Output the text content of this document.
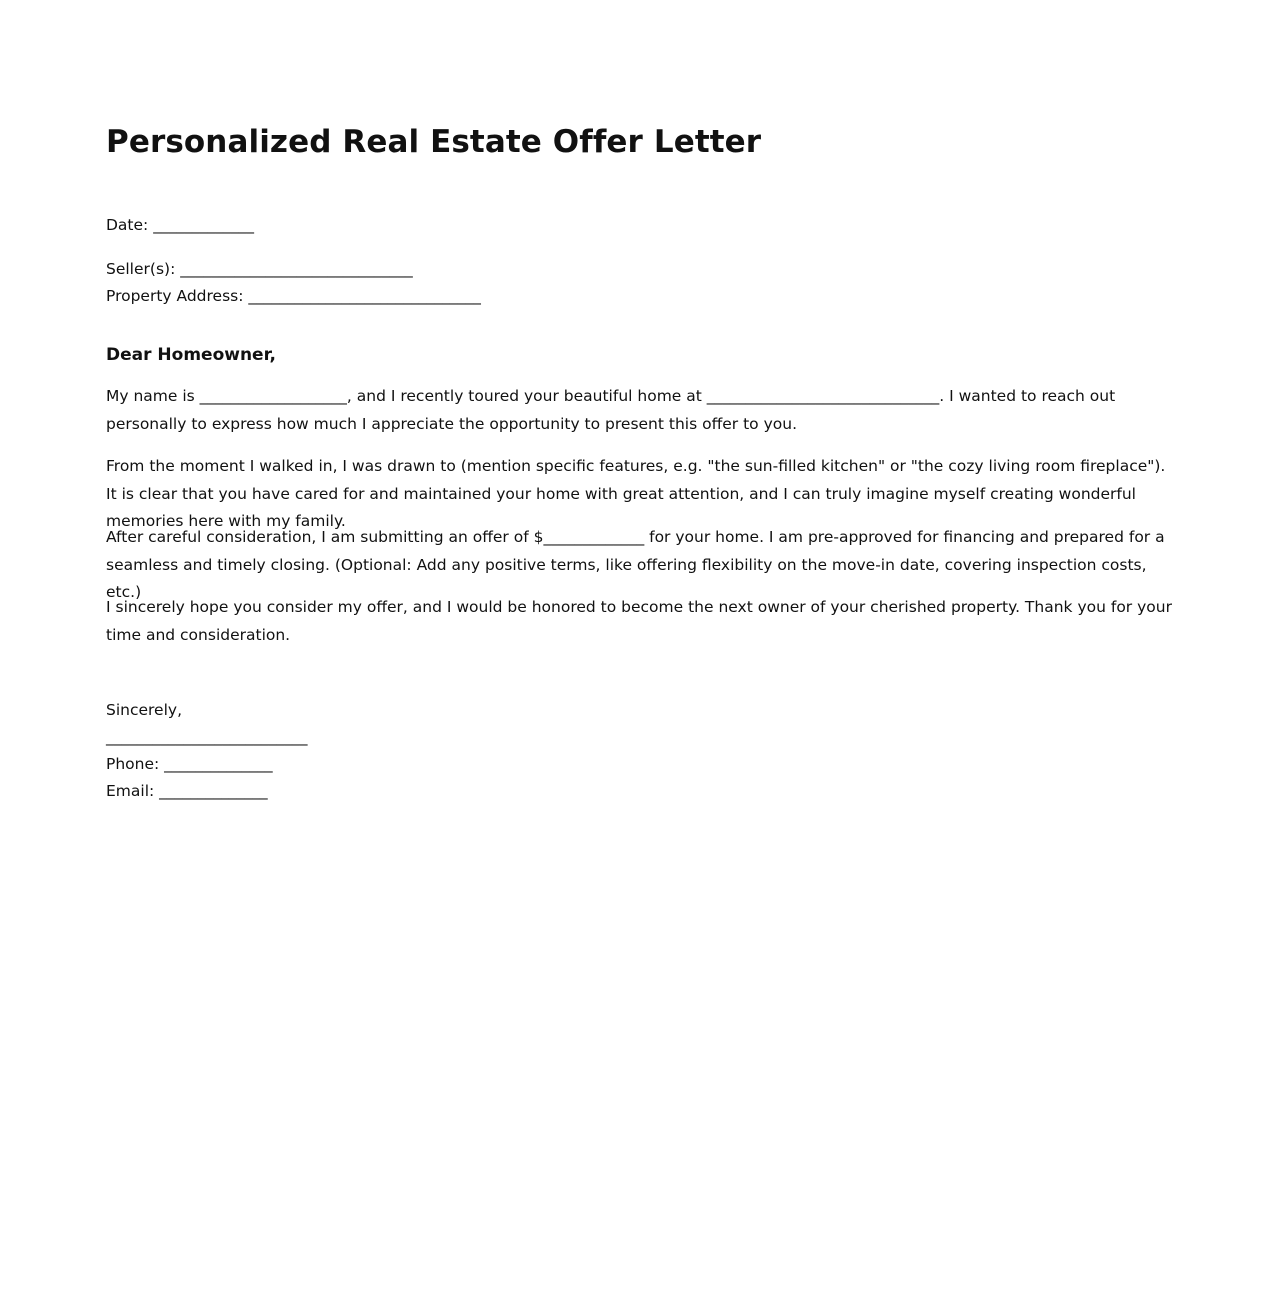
Personalized Real Estate Offer Letter
Date: _____________
Seller(s): ______________________________
Property Address: ______________________________
Dear Homeowner,

My name is ___________________, and I recently toured your beautiful home at ______________________________. I wanted to reach out personally to express how much I appreciate the opportunity to present this offer to you.

From the moment I walked in, I was drawn to (mention specific features, e.g. "the sun-filled kitchen" or "the cozy living room fireplace"). It is clear that you have cared for and maintained your home with great attention, and I can truly imagine myself creating wonderful memories here with my family.

After careful consideration, I am submitting an offer of $_____________ for your home. I am pre-approved for financing and prepared for a seamless and timely closing. (Optional: Add any positive terms, like offering flexibility on the move-in date, covering inspection costs, etc.)

I sincerely hope you consider my offer, and I would be honored to become the next owner of your cherished property. Thank you for your time and consideration.

Sincerely,
__________________________
Phone: ______________
Email: ______________
